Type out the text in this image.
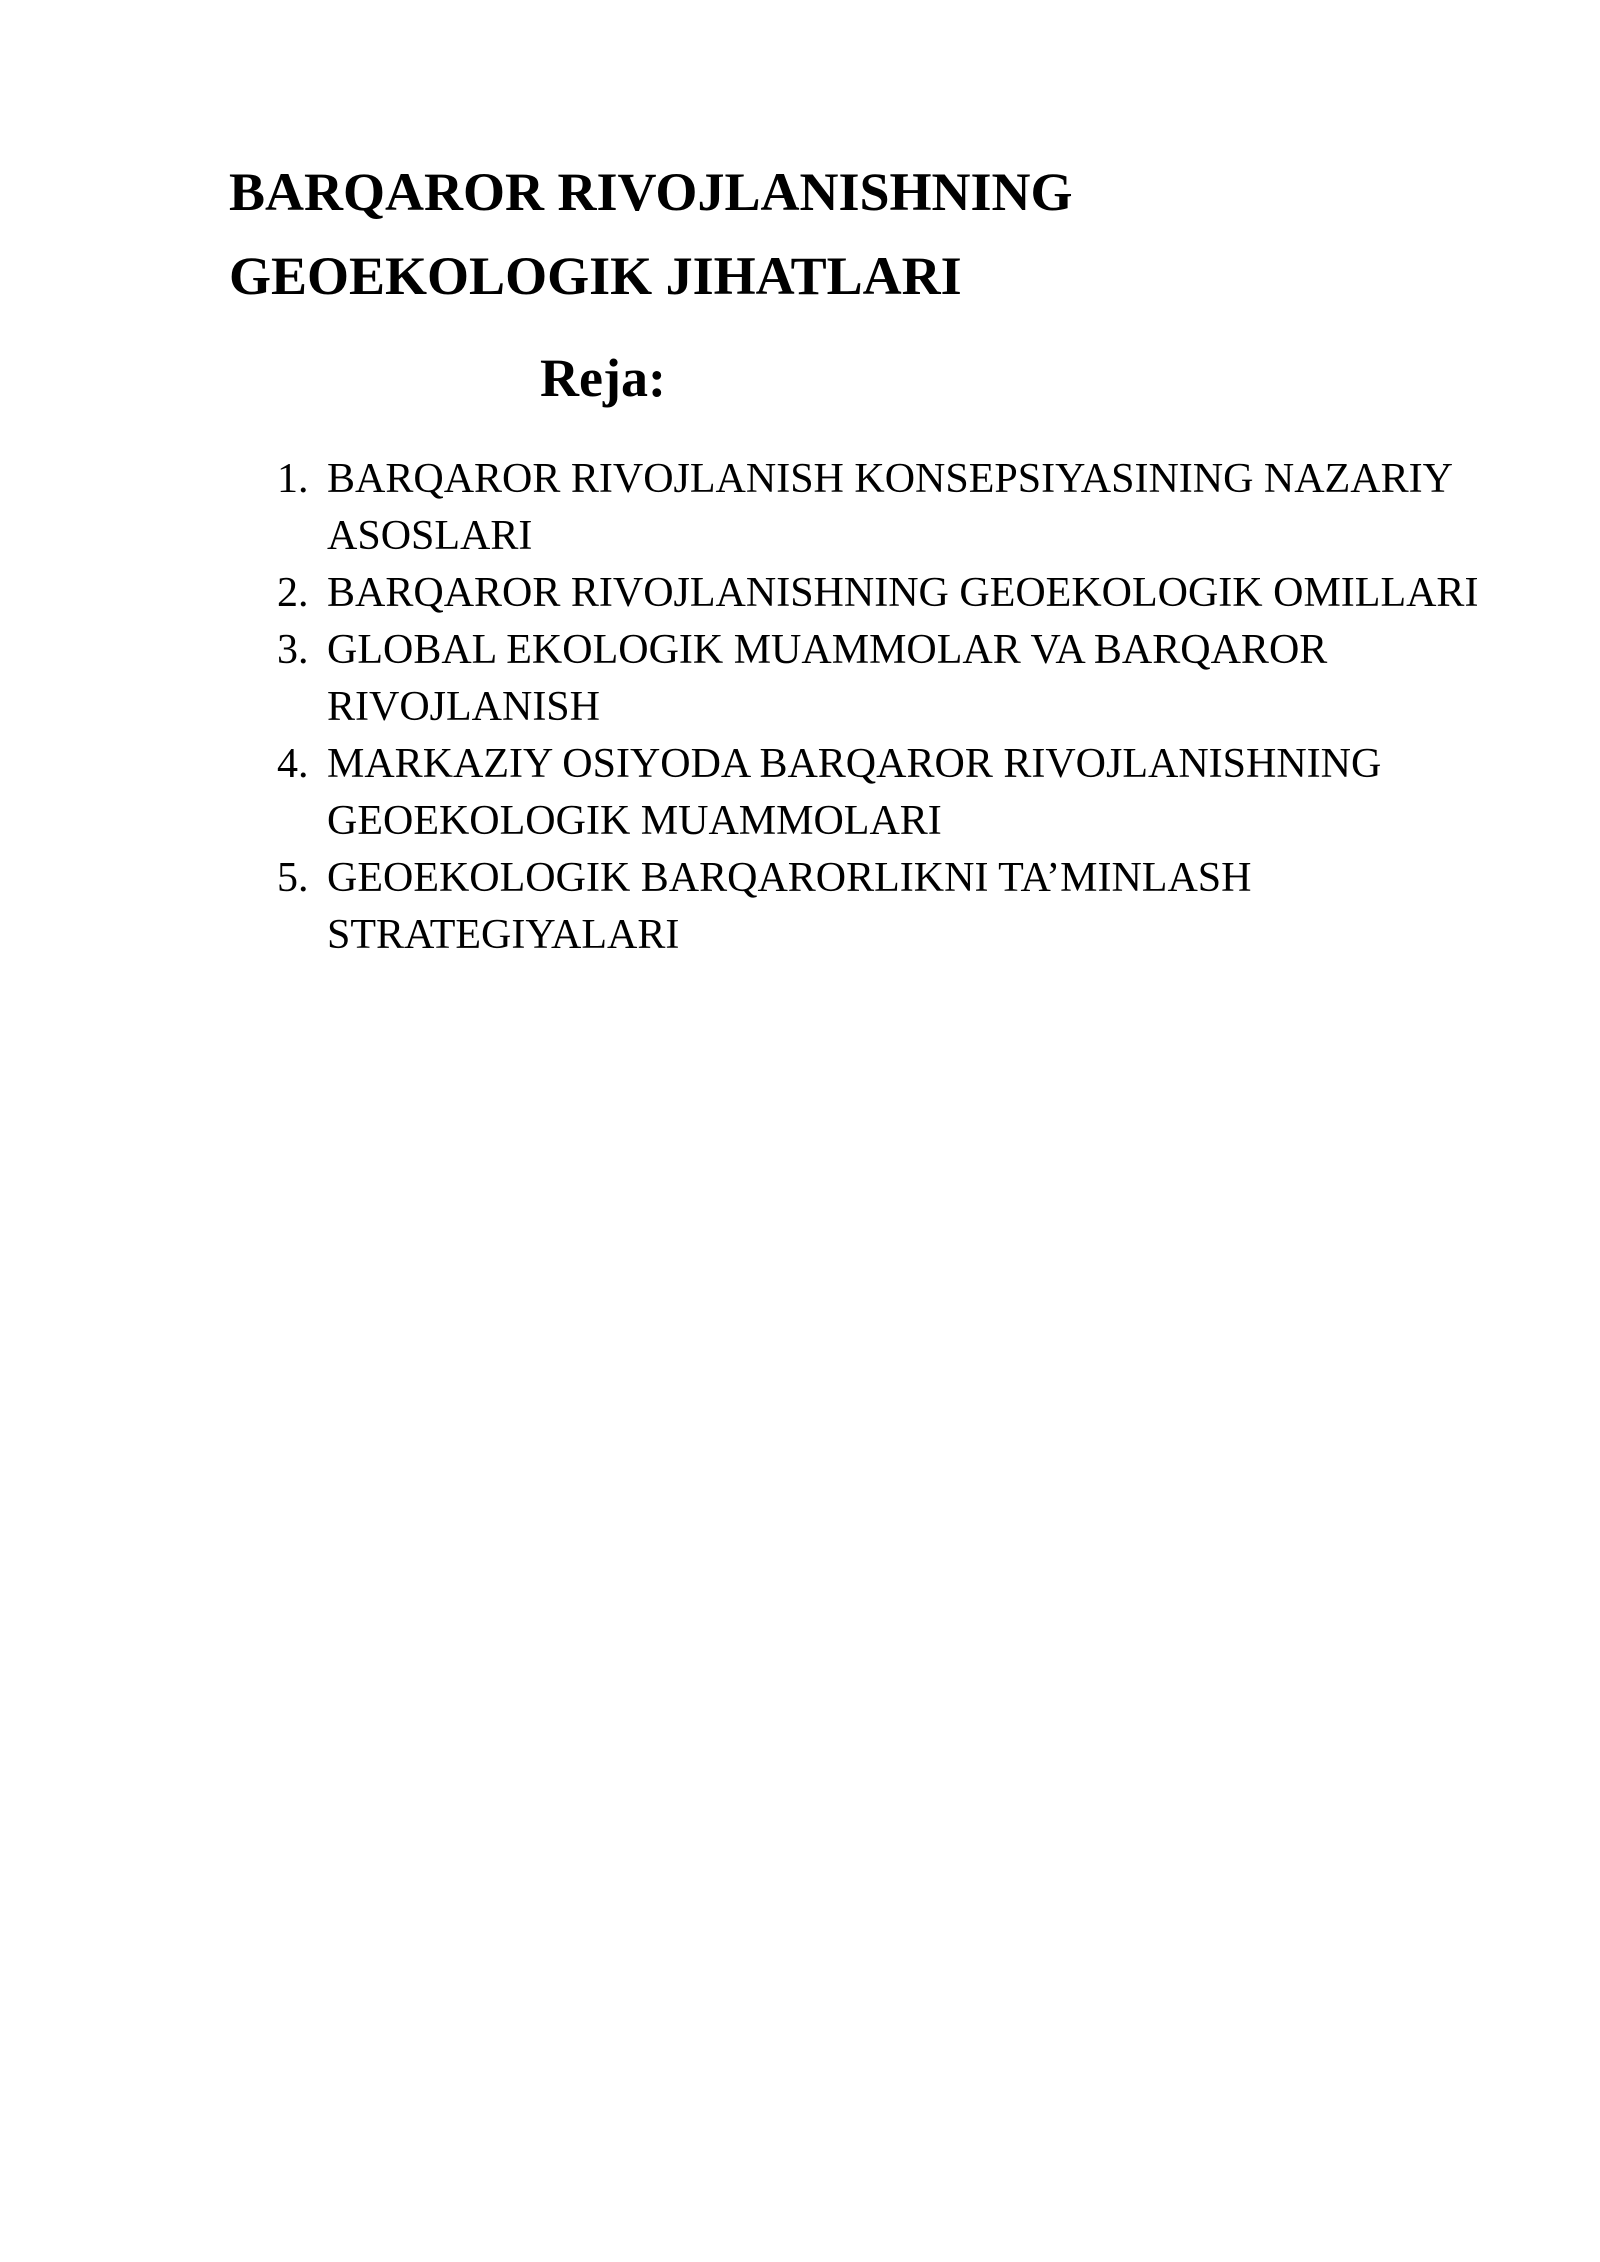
BARQAROR RIVOJLANISHNING
GEOEKOLOGIK JIHATLARI
Reja:
1. BARQAROR RIVOJLANISH KONSEPSIYASINING NAZARIY ASOSLARI
2. BARQAROR RIVOJLANISHNING GEOEKOLOGIK OMILLARI
3. GLOBAL EKOLOGIK MUAMMOLAR VA BARQAROR RIVOJLANISH
4. MARKAZIY OSIYODA BARQAROR RIVOJLANISHNING GEOEKOLOGIK MUAMMOLARI
5. GEOEKOLOGIK BARQARORLIKNI TA’MINLASH STRATEGIYALARI
